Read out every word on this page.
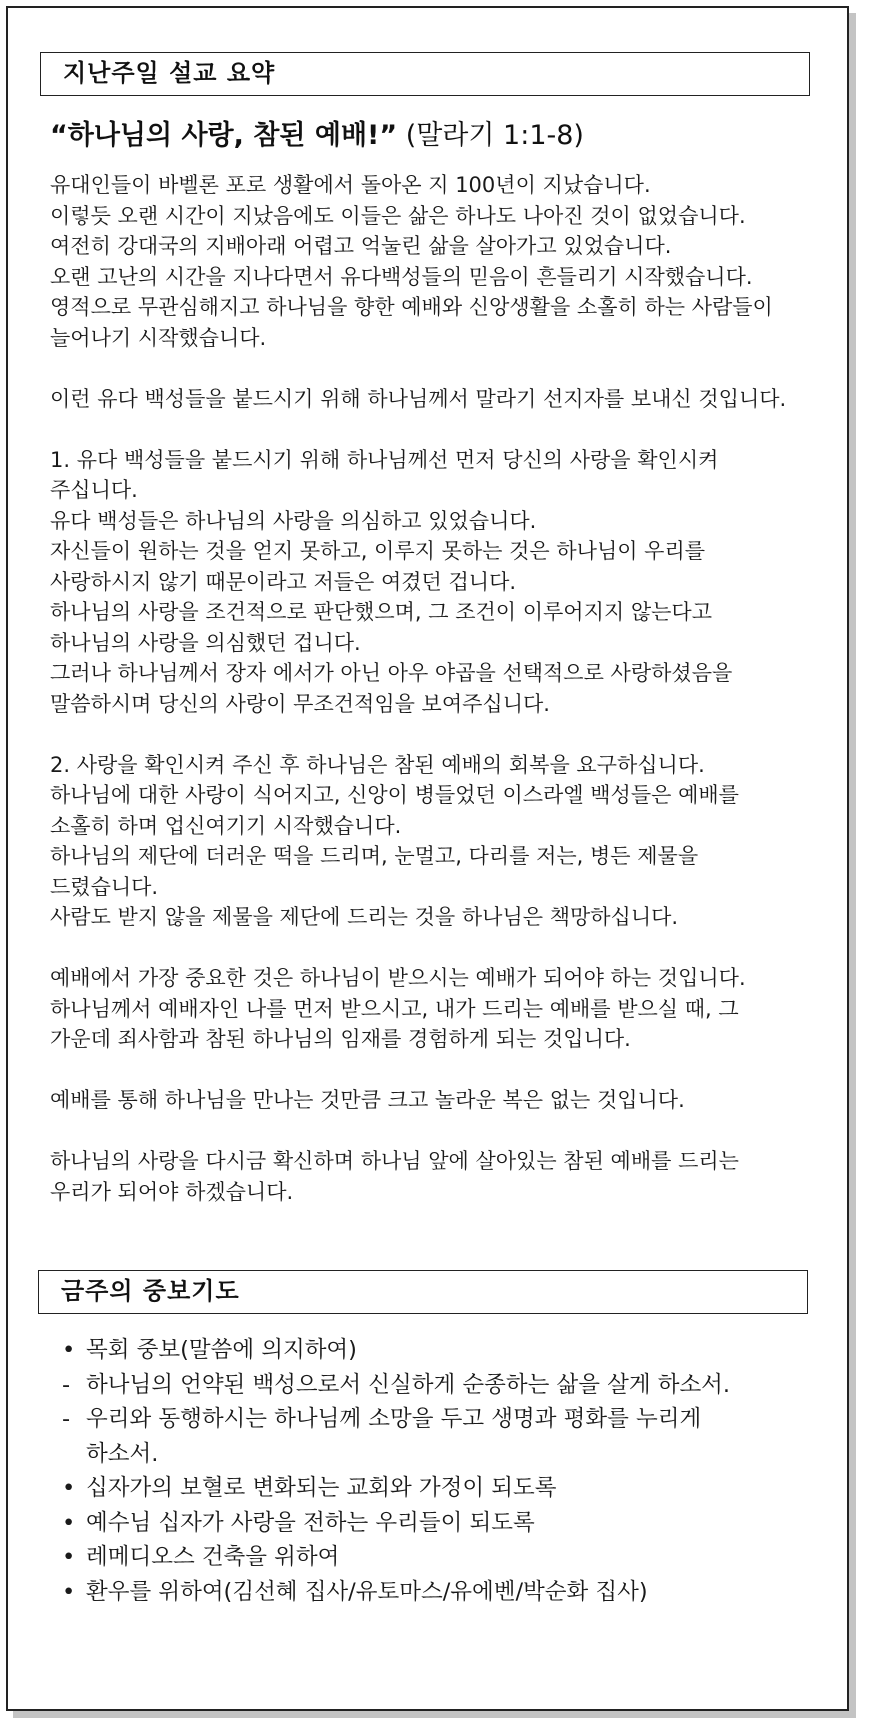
지난주일 설교 요약
“하나님의 사랑, 참된 예배!” (말라기 1:1-8)
유대인들이 바벨론 포로 생활에서 돌아온 지 100년이 지났습니다.
이렇듯 오랜 시간이 지났음에도 이들은 삶은 하나도 나아진 것이 없었습니다.
여전히 강대국의 지배아래 어렵고 억눌린 삶을 살아가고 있었습니다.
오랜 고난의 시간을 지나다면서 유다백성들의 믿음이 흔들리기 시작했습니다.
영적으로 무관심해지고 하나님을 향한 예배와 신앙생활을 소홀히 하는 사람들이
늘어나기 시작했습니다.
이런 유다 백성들을 붙드시기 위해 하나님께서 말라기 선지자를 보내신 것입니다.
1. 유다 백성들을 붙드시기 위해 하나님께선 먼저 당신의 사랑을 확인시켜
주십니다.
유다 백성들은 하나님의 사랑을 의심하고 있었습니다.
자신들이 원하는 것을 얻지 못하고, 이루지 못하는 것은 하나님이 우리를
사랑하시지 않기 때문이라고 저들은 여겼던 겁니다.
하나님의 사랑을 조건적으로 판단했으며, 그 조건이 이루어지지 않는다고
하나님의 사랑을 의심했던 겁니다.
그러나 하나님께서 장자 에서가 아닌 아우 야곱을 선택적으로 사랑하셨음을
말씀하시며 당신의 사랑이 무조건적임을 보여주십니다.
2. 사랑을 확인시켜 주신 후 하나님은 참된 예배의 회복을 요구하십니다.
하나님에 대한 사랑이 식어지고, 신앙이 병들었던 이스라엘 백성들은 예배를
소홀히 하며 업신여기기 시작했습니다.
하나님의 제단에 더러운 떡을 드리며, 눈멀고, 다리를 저는, 병든 제물을
드렸습니다.
사람도 받지 않을 제물을 제단에 드리는 것을 하나님은 책망하십니다.
예배에서 가장 중요한 것은 하나님이 받으시는 예배가 되어야 하는 것입니다.
하나님께서 예배자인 나를 먼저 받으시고, 내가 드리는 예배를 받으실 때, 그
가운데 죄사함과 참된 하나님의 임재를 경험하게 되는 것입니다.
예배를 통해 하나님을 만나는 것만큼 크고 놀라운 복은 없는 것입니다.
하나님의 사랑을 다시금 확신하며 하나님 앞에 살아있는 참된 예배를 드리는
우리가 되어야 하겠습니다.
금주의 중보기도
• 목회 중보(말씀에 의지하여)
- 하나님의 언약된 백성으로서 신실하게 순종하는 삶을 살게 하소서.
- 우리와 동행하시는 하나님께 소망을 두고 생명과 평화를 누리게
하소서.
• 십자가의 보혈로 변화되는 교회와 가정이 되도록
• 예수님 십자가 사랑을 전하는 우리들이 되도록
• 레메디오스 건축을 위하여
• 환우를 위하여(김선혜 집사/유토마스/유에벤/박순화 집사)
